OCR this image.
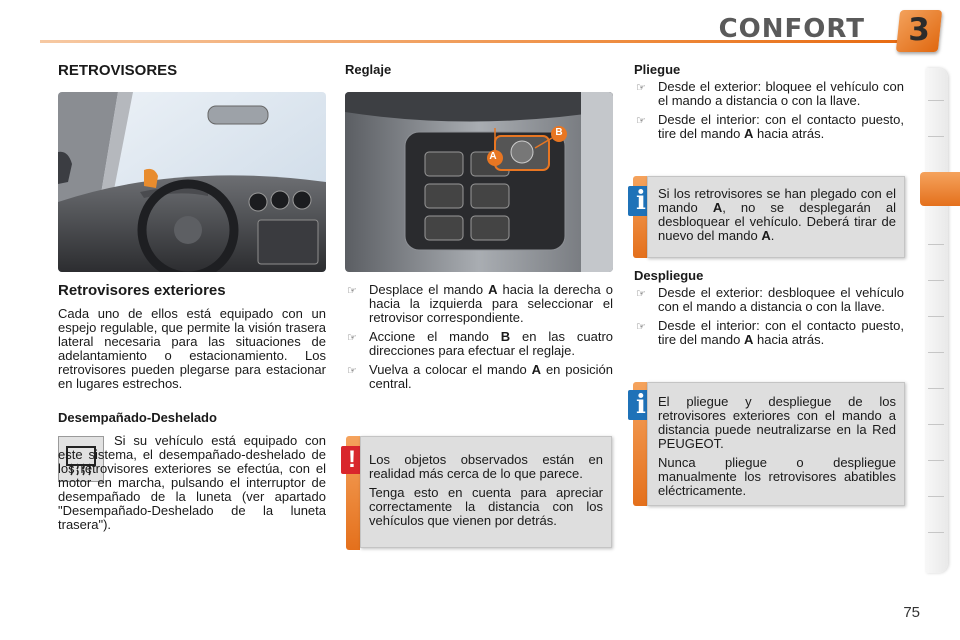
CONFORT	3
RETROVISORES
Retrovisores exteriores

Cada uno de ellos está equipado con un espejo regulable, que permite la visión trasera lateral necesaria para las situaciones de adelantamiento o estacionamiento. Los retrovisores pueden plegarse para estacionar en lugares estrechos.

Desempañado-Deshelado

Si su vehículo está equipado con este sistema, el desempañado-deshelado de los retrovisores exteriores se efectúa, con el motor en marcha, pulsando el interruptor de desempañado de la luneta (ver apartado "Desempañado-Deshelado de la luneta trasera").

Reglaje
A
B
☞ Desplace el mando A hacia la derecha o hacia la izquierda para seleccionar el retrovisor correspondiente.
☞ Accione el mando B en las cuatro direcciones para efectuar el reglaje.
☞ Vuelva a colocar el mando A en posición central.
!	Los objetos observados están en realidad más cerca de lo que parece.

Tenga esto en cuenta para apreciar correctamente la distancia con los vehículos que vienen por detrás.

Pliegue
☞ Desde el exterior: bloquee el vehículo con el mando a distancia o con la llave.
☞ Desde el interior: con el contacto puesto, tire del mando A hacia atrás.
i Si los retrovisores se han plegado con el mando A, no se desplegarán al desbloquear el vehículo. Deberá tirar de nuevo del mando A.

Despliegue
☞ Desde el exterior: desbloquee el vehículo con el mando a distancia o con la llave.
☞ Desde el interior: con el contacto puesto, tire del mando A hacia atrás.
i El pliegue y despliegue de los retrovisores exteriores con el mando a distancia puede neutralizarse en la Red PEUGEOT.

Nunca pliegue o despliegue manualmente los retrovisores abatibles eléctricamente.

75
